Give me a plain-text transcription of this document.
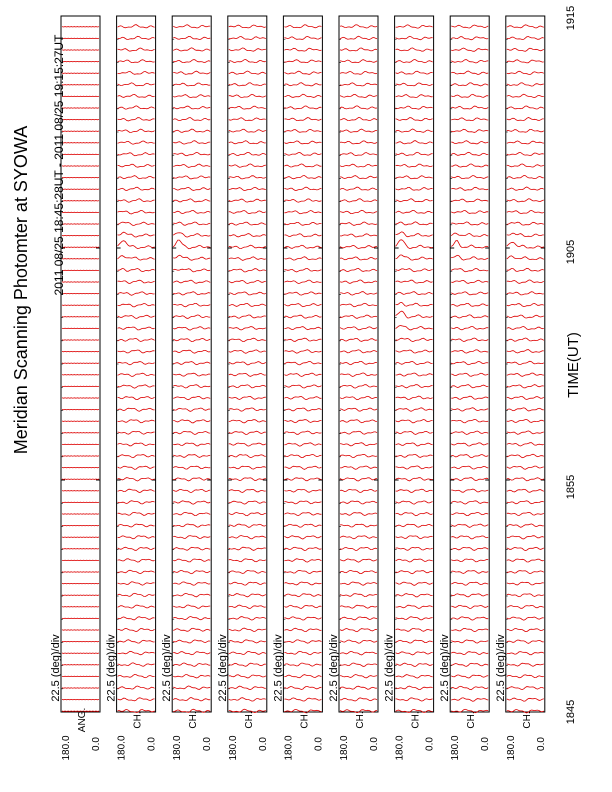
22.5 (deg)/div
180.0 0.0
ANG.
22.5 (deg)/div
180.0 0.0
CH.
22.5 (deg)/div
180.0 0.0
CH.
22.5 (deg)/div
180.0 0.0
CH.
22.5 (deg)/div
180.0 0.0
CH.
22.5 (deg)/div
180.0 0.0
CH.
22.5 (deg)/div
180.0 0.0
CH.
22.5 (deg)/div
180.0 0.0
CH.
22.5 (deg)/div
180.0 0.0
CH.
Meridian Scanning Photomter at SYOWA 2011 08/25 18:45:28UT - 2011 08/25 19:15:27UT
TIME(UT)
1845
1855
1905
1915
